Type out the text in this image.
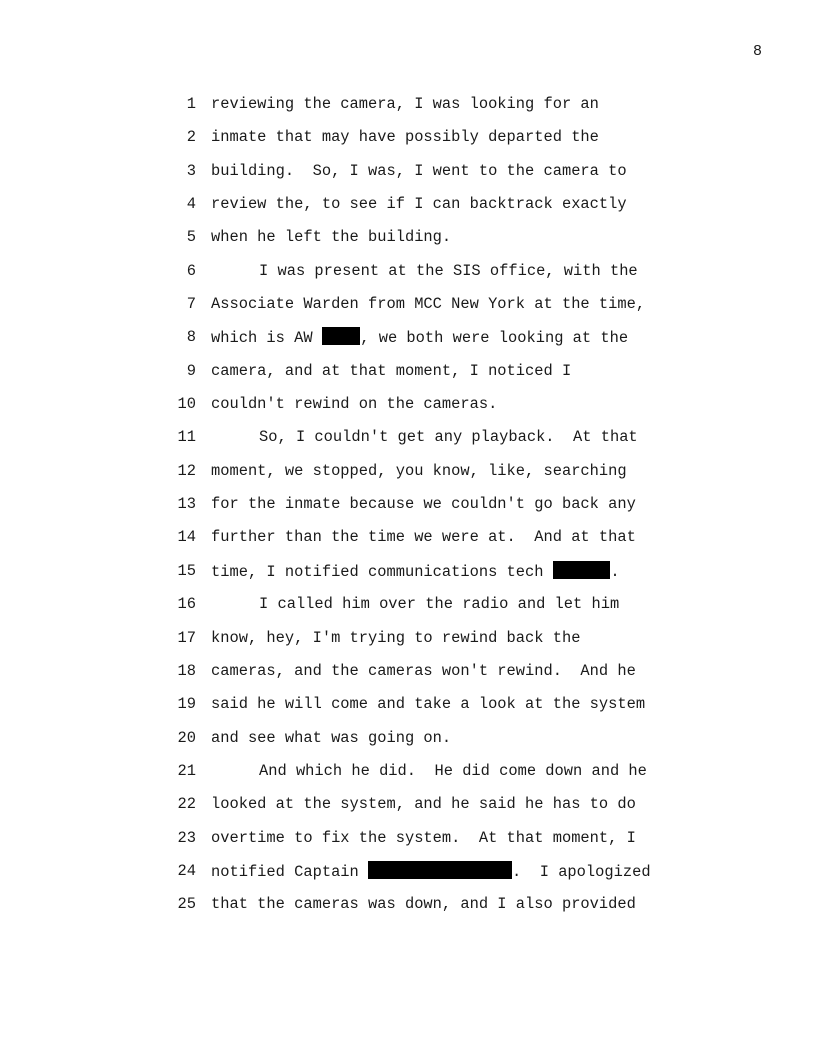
8
1 reviewing the camera, I was looking for an
2 inmate that may have possibly departed the
3 building.  So, I was, I went to the camera to
4 review the, to see if I can backtrack exactly
5 when he left the building.
6	I was present at the SIS office, with the
7 Associate Warden from MCC New York at the time,
8 which is AW , we both were looking at the
9 camera, and at that moment, I noticed I
10 couldn't rewind on the cameras.
11	So, I couldn't get any playback.  At that
12 moment, we stopped, you know, like, searching
13 for the inmate because we couldn't go back any
14 further than the time we were at.  And at that
15 time, I notified communications tech	.
16	I called him over the radio and let him
17 know, hey, I'm trying to rewind back the
18 cameras, and the cameras won't rewind.  And he
19 said he will come and take a look at the system
20 and see what was going on.
21	And which he did.  He did come down and he
22 looked at the system, and he said he has to do
23 overtime to fix the system.  At that moment, I
24 notified Captain	.  I apologized
25 that the cameras was down, and I also provided
